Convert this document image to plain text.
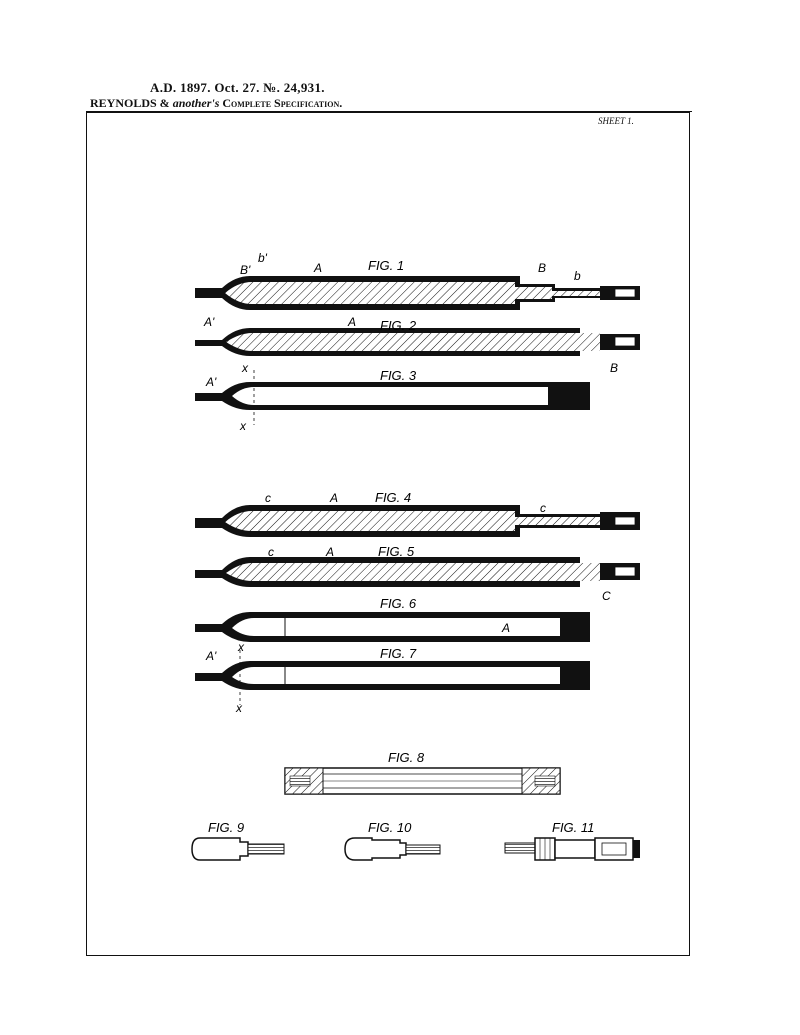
A.D. 1897. Oct. 27. №. 24,931.
REYNOLDS & another's Complete Specification.
SHEET 1.
FIG. 1
B'
b'
A	B
b
FIG. 2
A'	A
B
FIG. 3
A'
x
x
FIG. 4
c	A
c
FIG. 5
c	A
C
FIG. 6
A
FIG. 7
A'
x
x
FIG. 8
FIG. 9	FIG. 10	FIG. 11
